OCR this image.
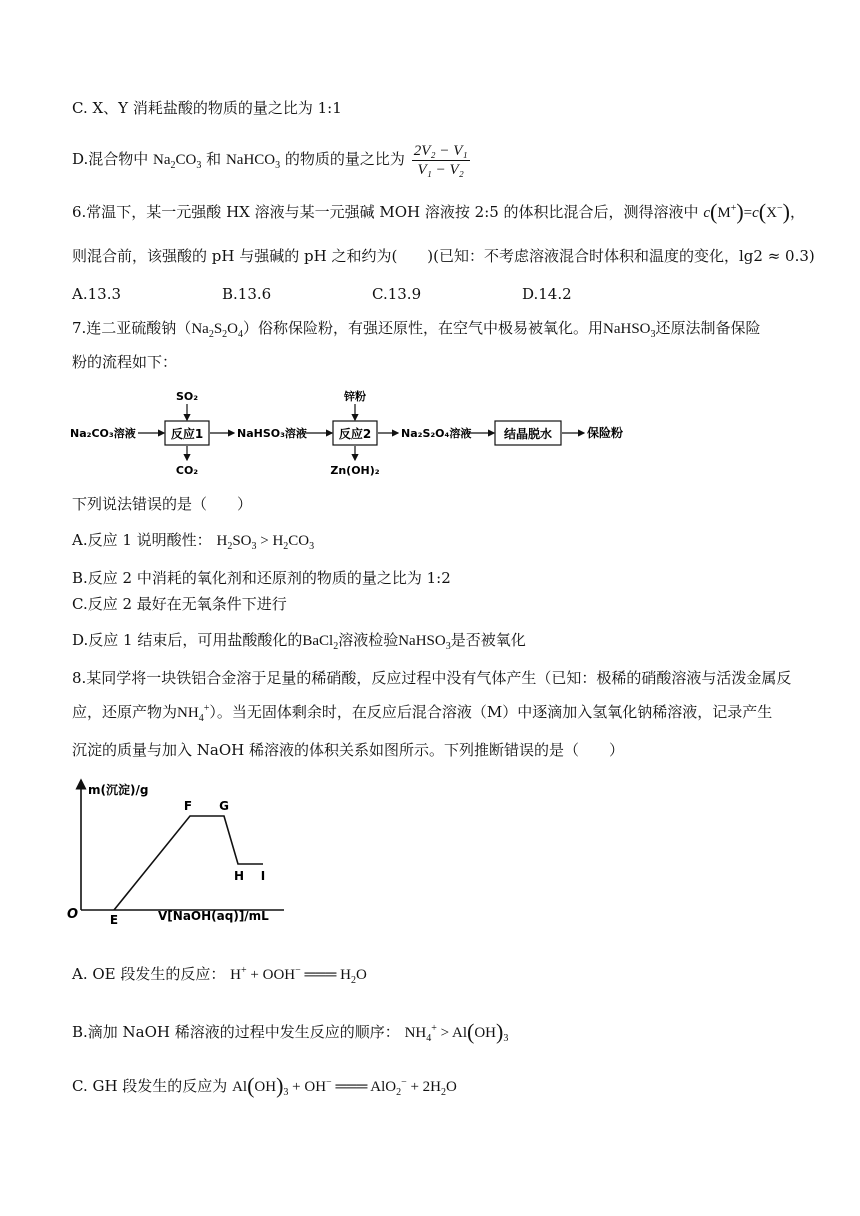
C. X、Y 消耗盐酸的物质的量之比为 1:1
D.混合物中 $Na_2CO_3$ 和 NaHCO$_3$ 的物质的量之比为 $\frac{\text{2V₂ − V₁}}{\text{V₁ − V₂}}$
6.常温下，某一元强酸 HX 溶液与某一元强碱 MOH 溶液按 2:5 的体积比混合后，测得溶液中 c(M+)=c(X−)，
则混合前，该强酸的 pH 与强碱的 pH 之和约为(　　)(已知：不考虑溶液混合时体积和温度的变化，lg2 ≈ 0.3)
A.13.3	B.13.6	C.13.9	D.14.2
7.连二亚硫酸钠$(Na_2S_2O_4)$俗称保险粉，有强还原性，在空气中极易被氧化。用NaHSO$_3$还原法制备保险
粉的流程如下：
Na₂CO₃溶液	反应1
SO₂
CO₂
NaHSO₃溶液	反应2
锌粉
Zn(OH)₂
Na₂S₂O₄溶液	结晶脱水	保险粉
下列说法错误的是（　　）
A.反应 1 说明酸性： $H_2SO_3 > H_2CO_3$
B.反应 2 中消耗的氧化剂和还原剂的物质的量之比为 1:2
C.反应 2 最好在无氧条件下进行
D.反应 1 结束后，可用盐酸酸化的BaCl$_2$溶液检验NaHSO$_3$是否被氧化
8.某同学将一块铁铝合金溶于足量的稀硝酸，反应过程中没有气体产生（已知：极稀的硝酸溶液与活泼金属反
应，还原产物为$NH_4^+$）。当无固体剩余时，在反应后混合溶液（M）中逐滴加入氢氧化钠稀溶液，记录产生
沉淀的质量与加入 NaOH 稀溶液的体积关系如图所示。下列推断错误的是（　　）
m(沉淀)/g
V[NaOH(aq)]/mL
O	E
F G
H I
A. OE 段发生的反应： H+ + OOH− ═══ $H_2O$
B.滴加 NaOH 稀溶液的过程中发生反应的顺序： $NH_4^+ > Al(OH)_3$
C. GH 段发生的反应为 $Al(OH)_3 + OH^-$ ═══ $AlO_2^- + 2H_2O$
